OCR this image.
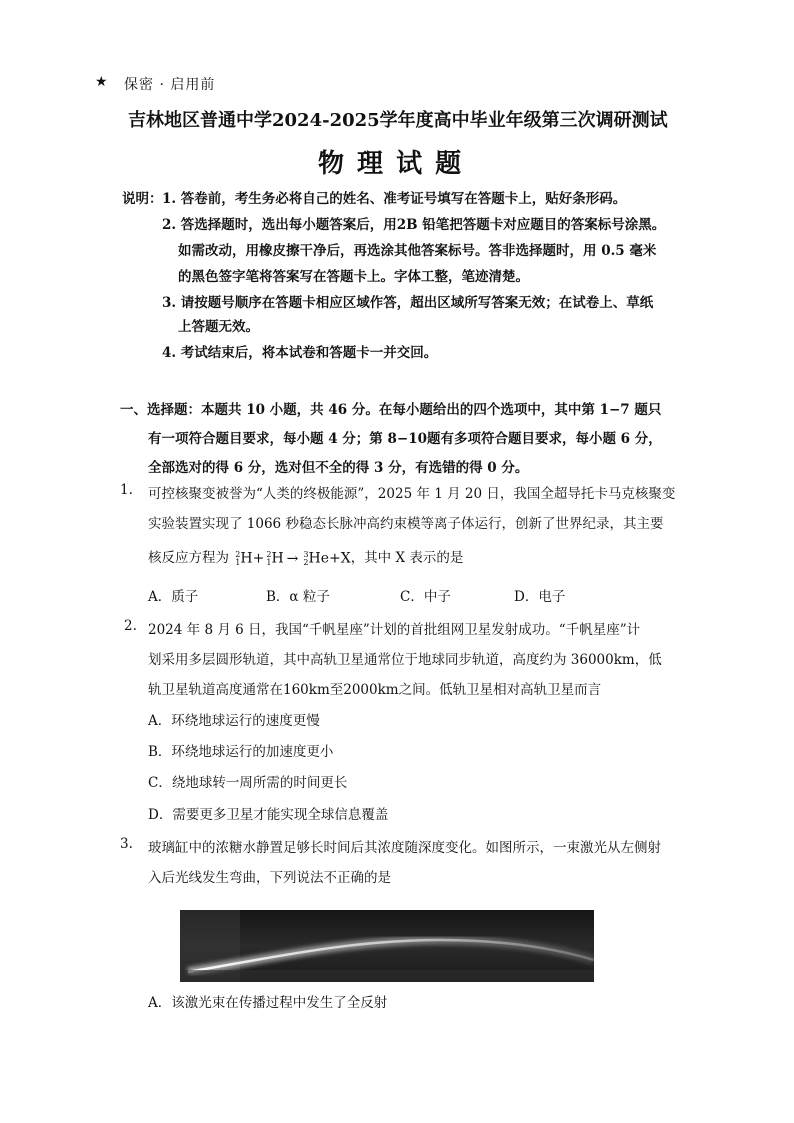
★ 保密 · 启用前
吉林地区普通中学2024-2025学年度高中毕业年级第三次调研测试
物 理 试 题
说明： 1. 答卷前，考生务必将自己的姓名、准考证号填写在答题卡上，贴好条形码。
2. 答选择题时，选出每小题答案后，用2B 铅笔把答题卡对应题目的答案标号涂黑。
如需改动，用橡皮擦干净后，再选涂其他答案标号。答非选择题时，用 0.5 毫米
的黑色签字笔将答案写在答题卡上。字体工整，笔迹清楚。
3. 请按题号顺序在答题卡相应区域作答，超出区域所写答案无效；在试卷上、草纸
上答题无效。
4. 考试结束后，将本试卷和答题卡一并交回。
一、选择题：本题共 10 小题，共 46 分。在每小题给出的四个选项中，其中第 1−7 题只
有一项符合题目要求，每小题 4 分；第 8−10题有多项符合题目要求，每小题 6 分，
全部选对的得 6 分，选对但不全的得 3 分，有选错的得 0 分。
1. 可控核聚变被誉为“人类的终极能源”，2025 年 1 月 20 日，我国全超导托卡马克核聚变
实验装置实现了 1066 秒稳态长脉冲高约束模等离子体运行，创新了世界纪录，其主要
核反应方程为 2
1 H+ 2
1 H → 3
2 He+X，其中 X 表示的是
A．质子	B．α 粒子	C．中子	D．电子
2. 2024 年 8 月 6 日，我国“千帆星座”计划的首批组网卫星发射成功。“千帆星座”计
划采用多层圆形轨道，其中高轨卫星通常位于地球同步轨道，高度约为 36000km，低
轨卫星轨道高度通常在160km至2000km之间。低轨卫星相对高轨卫星而言
A．环绕地球运行的速度更慢
B．环绕地球运行的加速度更小
C．绕地球转一周所需的时间更长
D．需要更多卫星才能实现全球信息覆盖
3. 玻璃缸中的浓糖水静置足够长时间后其浓度随深度变化。如图所示，一束激光从左侧射
入后光线发生弯曲，下列说法不正确的是
A．该激光束在传播过程中发生了全反射
